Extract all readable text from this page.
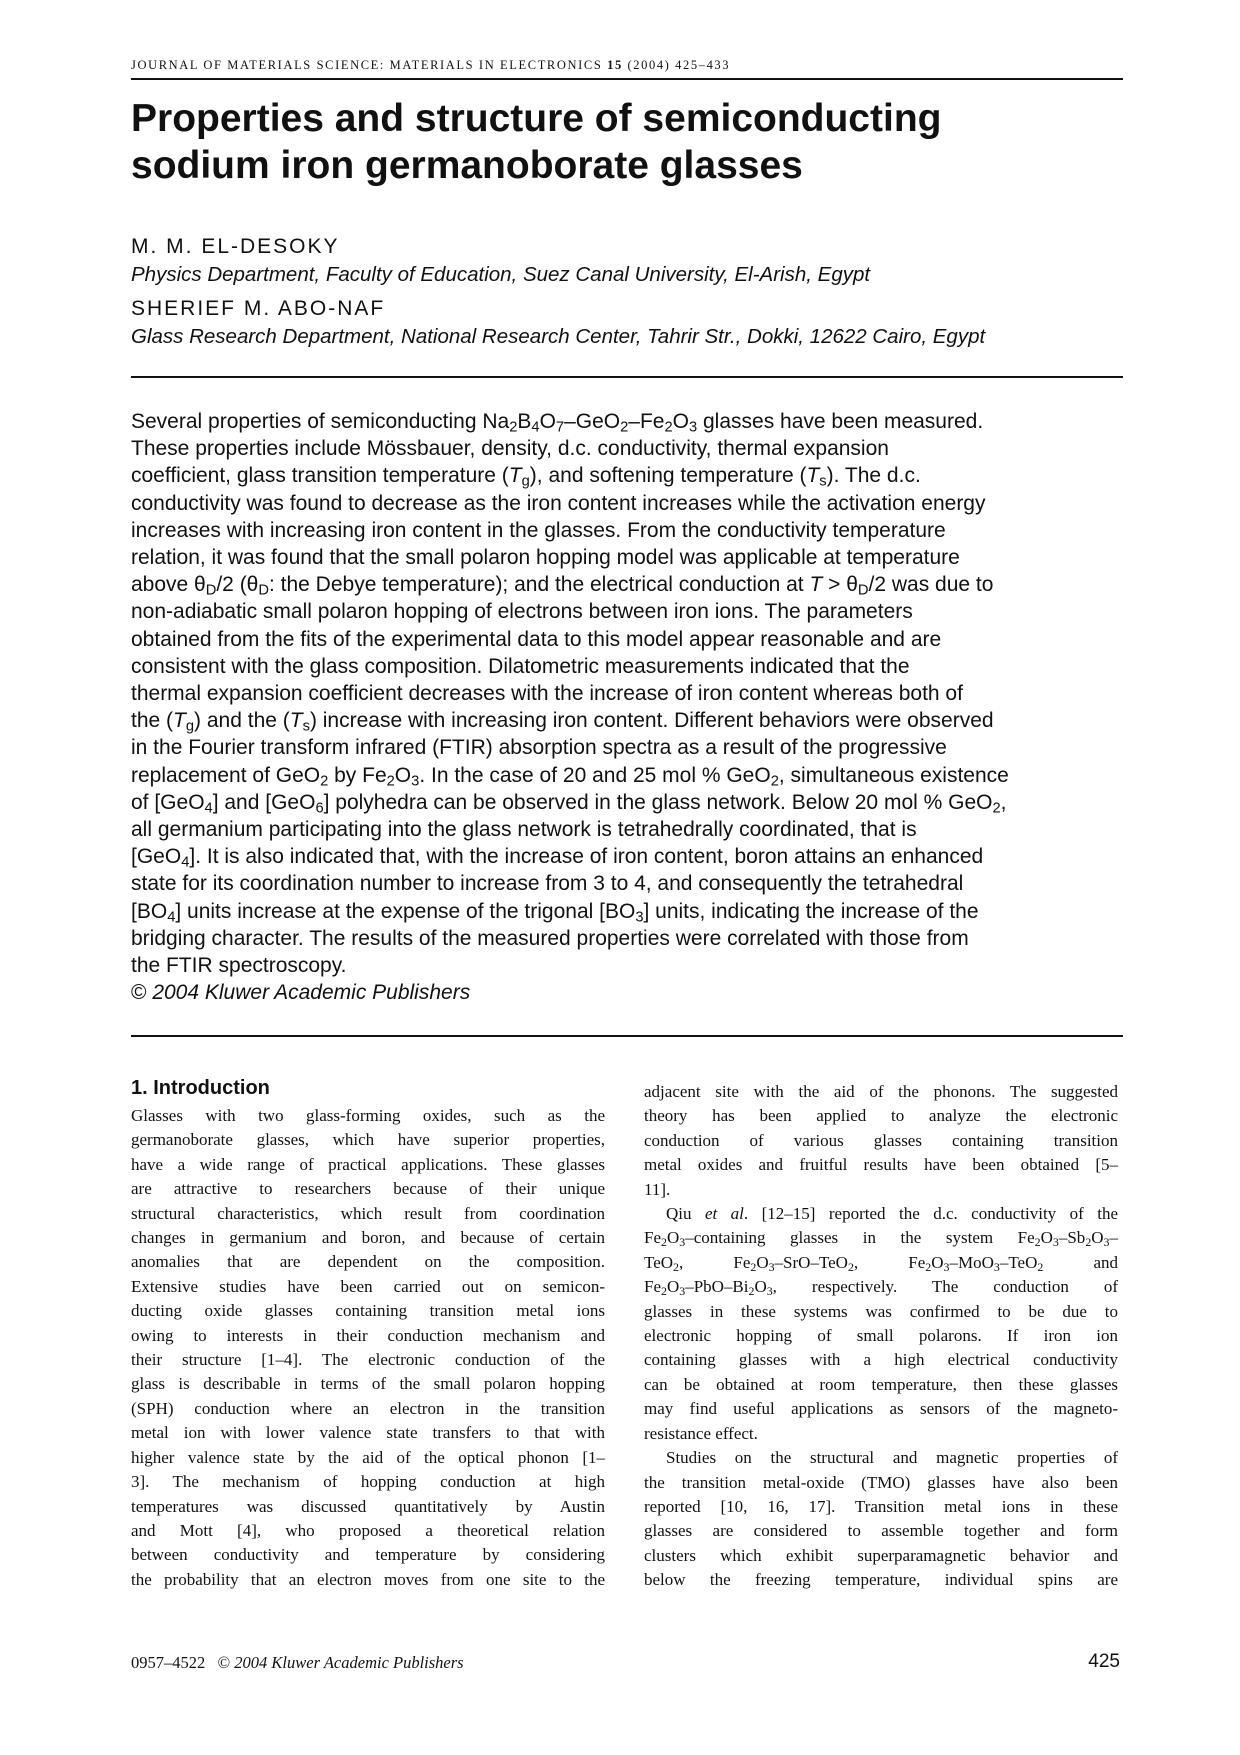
JOURNAL OF MATERIALS SCIENCE: MATERIALS IN ELECTRONICS 15 (2004) 425–433
Properties and structure of semiconducting
sodium iron germanoborate glasses
M. M. EL-DESOKY
Physics Department, Faculty of Education, Suez Canal University, El-Arish, Egypt
SHERIEF M. ABO-NAF
Glass Research Department, National Research Center, Tahrir Str., Dokki, 12622 Cairo, Egypt
Several properties of semiconducting $Na_2B_4O_7-GeO_2-Fe_2O_3$ glasses have been measured.
These properties include Mössbauer, density, d.c. conductivity, thermal expansion
coefficient, glass transition temperature $(T_g)$, and softening temperature $(T_s)$. The d.c.
conductivity was found to decrease as the iron content increases while the activation energy
increases with increasing iron content in the glasses. From the conductivity temperature
relation, it was found that the small polaron hopping model was applicable at temperature
above $\theta_D/2$ ($\theta_D$: the Debye temperature); and the electrical conduction at $T > \theta_D/2$ was due to
non-adiabatic small polaron hopping of electrons between iron ions. The parameters
obtained from the fits of the experimental data to this model appear reasonable and are
consistent with the glass composition. Dilatometric measurements indicated that the
thermal expansion coefficient decreases with the increase of iron content whereas both of
the $(T_g)$ and the $(T_s)$ increase with increasing iron content. Different behaviors were observed
in the Fourier transform infrared (FTIR) absorption spectra as a result of the progressive
replacement of GeO$_2$ by $Fe_2O_3$. In the case of 20 and 25 mol % GeO$_2$, simultaneous existence
of [GeO$_4$] and [GeO$_6$] polyhedra can be observed in the glass network. Below 20 mol % GeO$_2$,
all germanium participating into the glass network is tetrahedrally coordinated, that is
[GeO$_4$]. It is also indicated that, with the increase of iron content, boron attains an enhanced
state for its coordination number to increase from 3 to 4, and consequently the tetrahedral
$[BO_4]$ units increase at the expense of the trigonal $[BO_3]$ units, indicating the increase of the
bridging character. The results of the measured properties were correlated with those from
the FTIR spectroscopy.
© 2004 Kluwer Academic Publishers
1. Introduction
Glasses with two glass-forming oxides, such as the
germanoborate glasses, which have superior properties,
have a wide range of practical applications. These glasses
are attractive to researchers because of their unique
structural characteristics, which result from coordination
changes in germanium and boron, and because of certain
anomalies that are dependent on the composition.
Extensive studies have been carried out on semicon-
ducting oxide glasses containing transition metal ions
owing to interests in their conduction mechanism and
their structure [1–4]. The electronic conduction of the
glass is describable in terms of the small polaron hopping
(SPH) conduction where an electron in the transition
metal ion with lower valence state transfers to that with
higher valence state by the aid of the optical phonon [1–
3]. The mechanism of hopping conduction at high
temperatures was discussed quantitatively by Austin
and Mott [4], who proposed a theoretical relation
between conductivity and temperature by considering
the probability that an electron moves from one site to the
adjacent site with the aid of the phonons. The suggested
theory has been applied to analyze the electronic
conduction of various glasses containing transition
metal oxides and fruitful results have been obtained [5–
11].
Qiu et al. [12–15] reported the d.c. conductivity of the
$Fe_2O_3$–containing glasses in the system $Fe_2O_3-Sb_2O_3-$
TeO$_2$, $Fe_2O_3-SrO-TeO_2$, $Fe_2O_3-MoO_3-TeO_2$ and
$Fe_2O_3-PbO-Bi_2O_3$, respectively. The conduction of
glasses in these systems was confirmed to be due to
electronic hopping of small polarons. If iron ion
containing glasses with a high electrical conductivity
can be obtained at room temperature, then these glasses
may find useful applications as sensors of the magneto-
resistance effect.
Studies on the structural and magnetic properties of
the transition metal-oxide (TMO) glasses have also been
reported [10, 16, 17]. Transition metal ions in these
glasses are considered to assemble together and form
clusters which exhibit superparamagnetic behavior and
below the freezing temperature, individual spins are
0957–4522 © 2004 Kluwer Academic Publishers	425
